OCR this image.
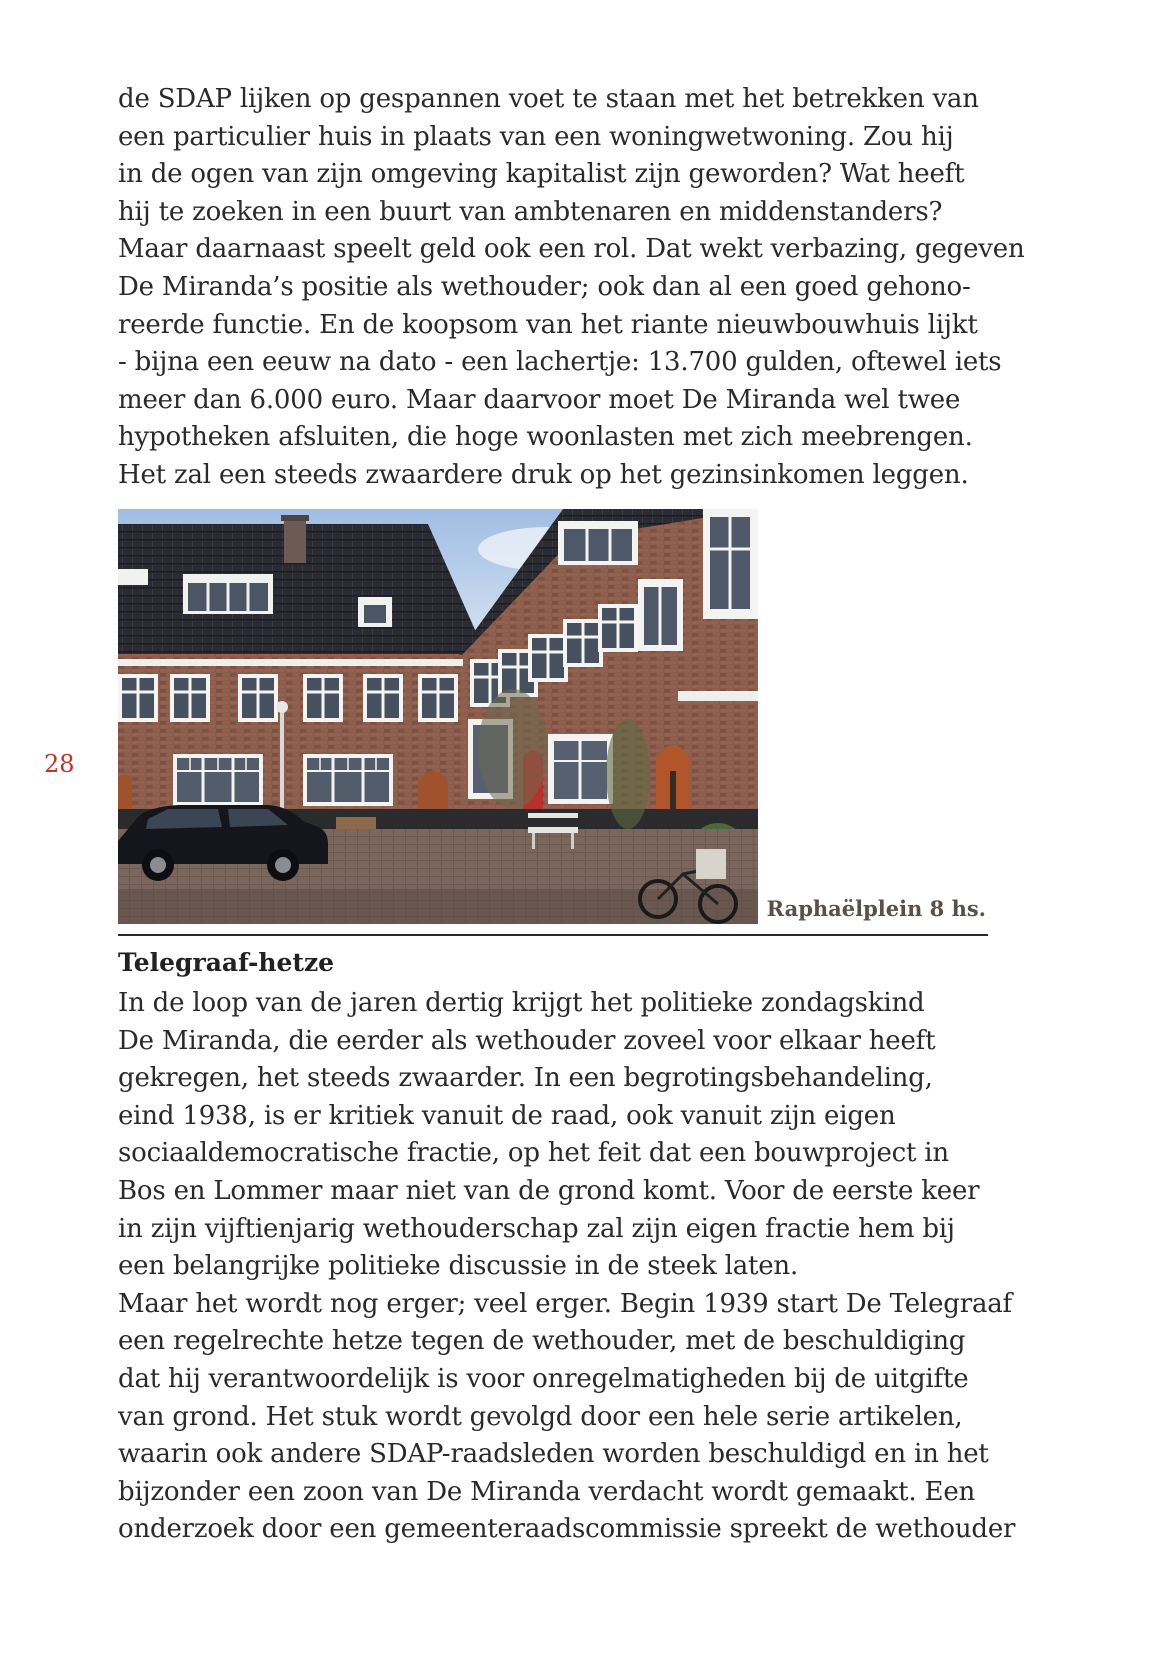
28

de SDAP lijken op gespannen voet te staan met het betrekken van
een particulier huis in plaats van een woningwetwoning. Zou hij
in de ogen van zijn omgeving kapitalist zijn geworden? Wat heeft
hij te zoeken in een buurt van ambtenaren en middenstanders?
Maar daarnaast speelt geld ook een rol. Dat wekt verbazing, gegeven
De Miranda’s positie als wethouder; ook dan al een goed gehono-
reerde functie. En de koopsom van het riante nieuwbouwhuis lijkt
- bijna een eeuw na dato - een lachertje: 13.700 gulden, oftewel iets
meer dan 6.000 euro. Maar daarvoor moet De Miranda wel twee
hypotheken afsluiten, die hoge woonlasten met zich meebrengen.
Het zal een steeds zwaardere druk op het gezinsinkomen leggen.

Raphaëlplein 8 hs.
Telegraaf-hetze

In de loop van de jaren dertig krijgt het politieke zondagskind
De Miranda, die eerder als wethouder zoveel voor elkaar heeft
gekregen, het steeds zwaarder. In een begrotingsbehandeling,
eind 1938, is er kritiek vanuit de raad, ook vanuit zijn eigen
sociaaldemocratische fractie, op het feit dat een bouwproject in
Bos en Lommer maar niet van de grond komt. Voor de eerste keer
in zijn vijftienjarig wethouderschap zal zijn eigen fractie hem bij
een belangrijke politieke discussie in de steek laten.
Maar het wordt nog erger; veel erger. Begin 1939 start De Telegraaf
een regelrechte hetze tegen de wethouder, met de beschuldiging
dat hij verantwoordelijk is voor onregelmatigheden bij de uitgifte
van grond. Het stuk wordt gevolgd door een hele serie artikelen,
waarin ook andere SDAP-raadsleden worden beschuldigd en in het
bijzonder een zoon van De Miranda verdacht wordt gemaakt. Een
onderzoek door een gemeenteraadscommissie spreekt de wethouder
